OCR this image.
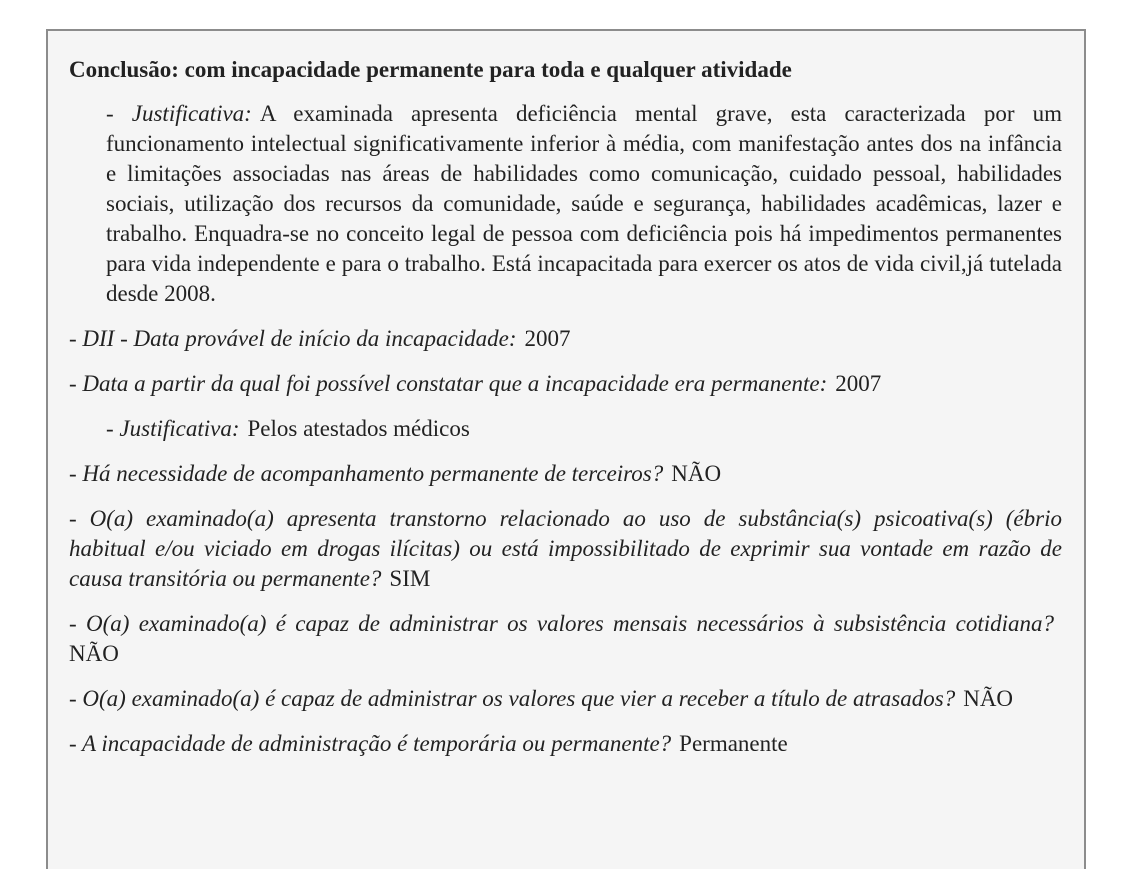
Conclusão: com incapacidade permanente para toda e qualquer atividade
- Justificativa: A examinada apresenta deficiência mental grave, esta caracterizada por um funcionamento intelectual significativamente inferior à média, com manifestação antes dos na infância e limitações associadas nas áreas de habilidades como comunicação, cuidado pessoal, habilidades sociais, utilização dos recursos da comunidade, saúde e segurança, habilidades acadêmicas, lazer e trabalho. Enquadra-se no conceito legal de pessoa com deficiência pois há impedimentos permanentes para vida independente e para o trabalho. Está incapacitada para exercer os atos de vida civil,já tutelada desde 2008.
- DII - Data provável de início da incapacidade: 2007
- Data a partir da qual foi possível constatar que a incapacidade era permanente: 2007
- Justificativa: Pelos atestados médicos
- Há necessidade de acompanhamento permanente de terceiros? NÃO
- O(a) examinado(a) apresenta transtorno relacionado ao uso de substância(s) psicoativa(s) (ébrio habitual e/ou viciado em drogas ilícitas) ou está impossibilitado de exprimir sua vontade em razão de causa transitória ou permanente? SIM
- O(a) examinado(a) é capaz de administrar os valores mensais necessários à subsistência cotidiana?NÃO
- O(a) examinado(a) é capaz de administrar os valores que vier a receber a título de atrasados? NÃO
- A incapacidade de administração é temporária ou permanente? Permanente
